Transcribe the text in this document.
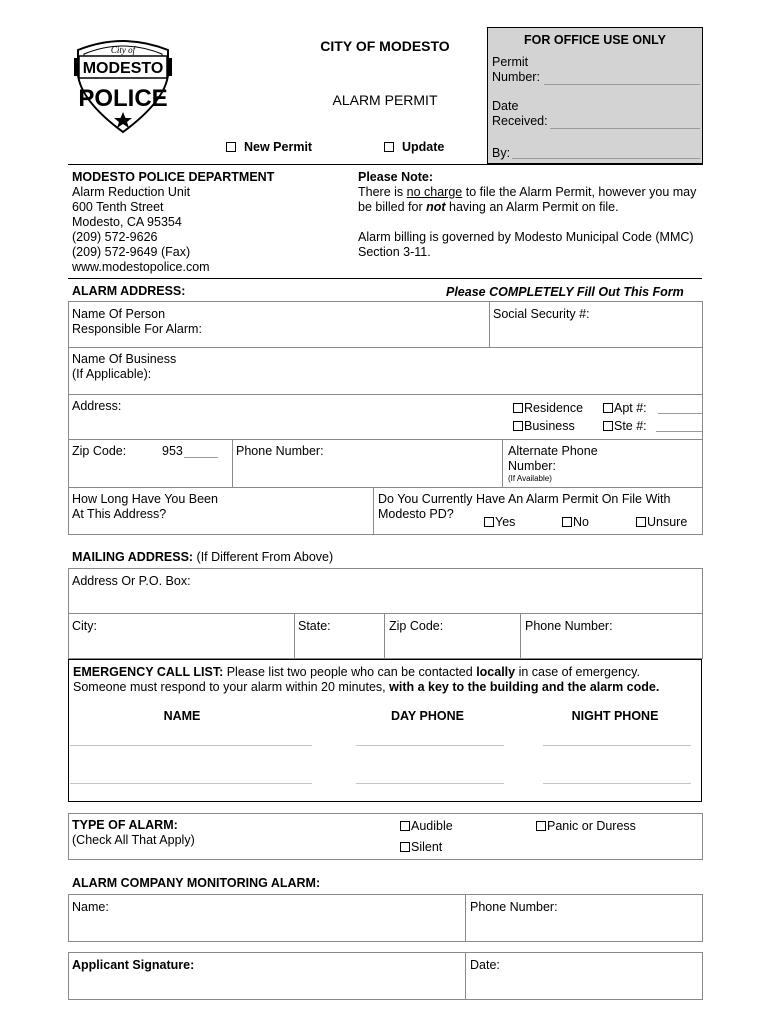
MODESTO
City of
POLICE
CITY OF MODESTO
ALARM PERMIT
New Permit	Update
FOR OFFICE USE ONLY
Permit
Number:
Date
Received:
By:
MODESTO POLICE DEPARTMENT
Alarm Reduction Unit
600 Tenth Street
Modesto, CA 95354
(209) 572-9626
(209) 572-9649 (Fax)
www.modestopolice.com
Please Note:
There is no charge to file the Alarm Permit, however you may
be billed for not having an Alarm Permit on file.
Alarm billing is governed by Modesto Municipal Code (MMC)
Section 3-11.
ALARM ADDRESS:	Please COMPLETELY Fill Out This Form
Name Of Person
Responsible For Alarm:
Social Security #:
Name Of Business
(If Applicable):
Address:	Residence
Business
Apt #:
Ste #:
Zip Code:	953	Phone Number:	Alternate Phone
Number:
(If Available)
How Long Have You Been
At This Address?
Do You Currently Have An Alarm Permit On File With
Modesto PD?
Yes	No	Unsure
MAILING ADDRESS: (If Different From Above)
Address Or P.O. Box:
City:	State:	Zip Code:	Phone Number:
EMERGENCY CALL LIST: Please list two people who can be contacted locally in case of emergency.
Someone must respond to your alarm within 20 minutes, with a key to the building and the alarm code.
NAME	DAY PHONE	NIGHT PHONE
TYPE OF ALARM:
(Check All That Apply)
Audible
Silent
Panic or Duress
ALARM COMPANY MONITORING ALARM:
Name:	Phone Number:
Applicant Signature:	Date:
